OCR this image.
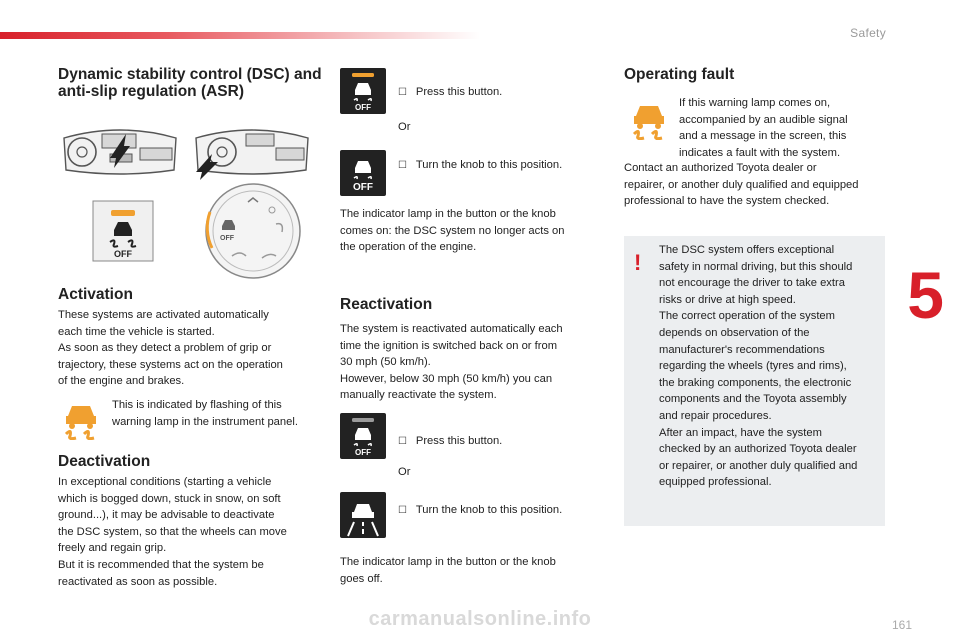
Safety
5
161
carmanualsonline.info
Dynamic stability control (DSC) and anti-slip regulation (ASR)
OFF
OFF
Activation

These systems are activated automatically

each time the vehicle is started.

As soon as they detect a problem of grip or

trajectory, these systems act on the operation

of the engine and brakes.

This is indicated by flashing of this

warning lamp in the instrument panel.

Deactivation

In exceptional conditions (starting a vehicle

which is bogged down, stuck in snow, on soft

ground...), it may be advisable to deactivate

the DSC system, so that the wheels can move

freely and regain grip.

But it is recommended that the system be

reactivated as soon as possible.

OFF
☐ Press this button.
Or
OFF
☐ Turn the knob to this position.

The indicator lamp in the button or the knob

comes on: the DSC system no longer acts on

the operation of the engine.

Reactivation

The system is reactivated automatically each

time the ignition is switched back on or from

30 mph (50 km/h).

However, below 30 mph (50 km/h) you can

manually reactivate the system.

OFF
☐ Press this button.
Or
☐ Turn the knob to this position.

The indicator lamp in the button or the knob

goes off.

Operating fault

If this warning lamp comes on,

accompanied by an audible signal

and a message in the screen, this

indicates a fault with the system.

Contact an authorized Toyota dealer or

repairer, or another duly qualified and equipped

professional to have the system checked.

!	The DSC system offers exceptional

safety in normal driving, but this should

not encourage the driver to take extra

risks or drive at high speed.

The correct operation of the system

depends on observation of the

manufacturer's recommendations

regarding the wheels (tyres and rims),

the braking components, the electronic

components and the Toyota assembly

and repair procedures.

After an impact, have the system

checked by an authorized Toyota dealer

or repairer, or another duly qualified and

equipped professional.
